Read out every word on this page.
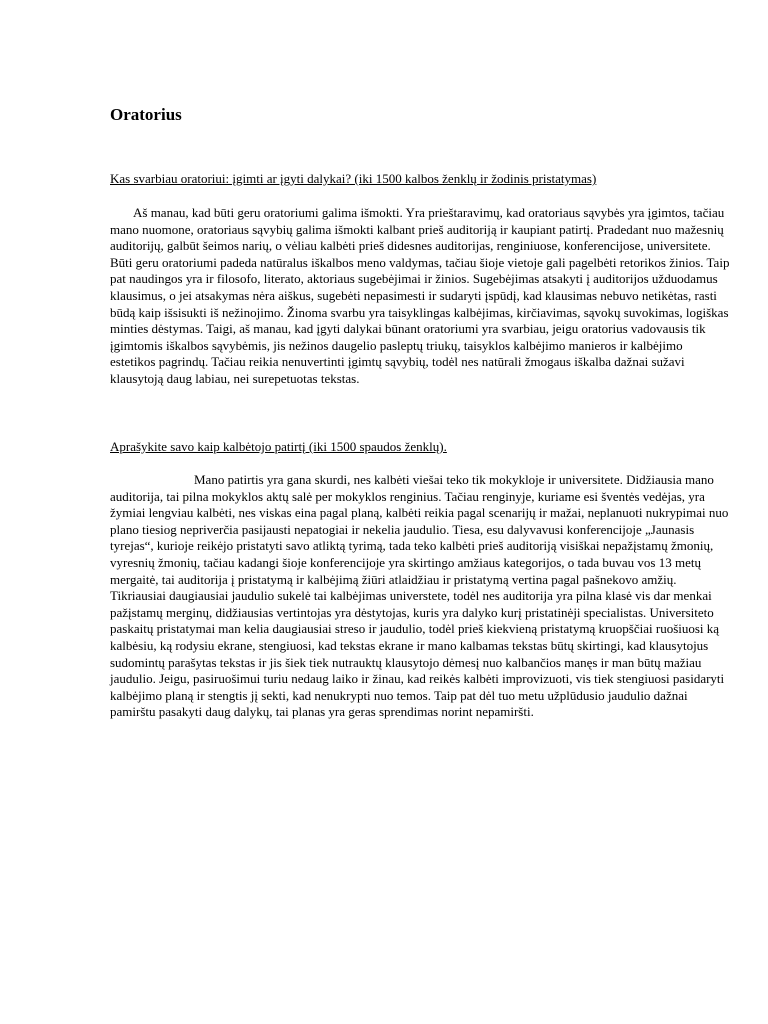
Oratorius

Kas svarbiau oratoriui: įgimti ar įgyti dalykai? (iki 1500 kalbos ženklų ir žodinis pristatymas)

Aš manau, kad būti geru oratoriumi galima išmokti. Yra prieštaravimų, kad oratoriaus sąvybės yra įgimtos, tačiau mano nuomone, oratoriaus sąvybių galima išmokti kalbant prieš auditoriją ir kaupiant patirtį. Pradedant nuo mažesnių auditorijų, galbūt šeimos narių, o vėliau kalbėti prieš didesnes auditorijas, renginiuose, konferencijose, universitete. Būti geru oratoriumi padeda natūralus iškalbos meno valdymas, tačiau šioje vietoje gali pagelbėti retorikos žinios. Taip pat naudingos yra ir filosofo, literato, aktoriaus sugebėjimai ir žinios. Sugebėjimas atsakyti į auditorijos užduodamus klausimus, o jei atsakymas nėra aiškus, sugebėti nepasimesti ir sudaryti įspūdį, kad klausimas nebuvo netikėtas, rasti būdą kaip išsisukti iš nežinojimo. Žinoma svarbu yra taisyklingas kalbėjimas, kirčiavimas, sąvokų suvokimas, logiškas minties dėstymas. Taigi, aš manau, kad įgyti dalykai būnant oratoriumi yra svarbiau, jeigu oratorius vadovausis tik įgimtomis iškalbos sąvybėmis, jis nežinos daugelio pasleptų triukų, taisyklos kalbėjimo manieros ir kalbėjimo estetikos pagrindų. Tačiau reikia nenuvertinti įgimtų sąvybių, todėl nes natūrali žmogaus iškalba dažnai sužavi klausytoją daug labiau, nei surepetuotas tekstas.

Aprašykite savo kaip kalbėtojo patirtį (iki 1500 spaudos ženklų).

Mano patirtis yra gana skurdi, nes kalbėti viešai teko tik mokykloje ir universitete. Didžiausia mano auditorija, tai pilna mokyklos aktų salė per mokyklos renginius. Tačiau renginyje, kuriame esi šventės vedėjas, yra žymiai lengviau kalbėti, nes viskas eina pagal planą, kalbėti reikia pagal scenarijų ir mažai, neplanuoti nukrypimai nuo plano tiesiog nepriverčia pasijausti nepatogiai ir nekelia jaudulio. Tiesa, esu dalyvavusi konferencijoje „Jaunasis tyrejas“, kurioje reikėjo pristatyti savo atliktą tyrimą, tada teko kalbėti prieš auditoriją visiškai nepažįstamų žmonių, vyresnių žmonių, tačiau kadangi šioje konferencijoje yra skirtingo amžiaus kategorijos, o tada buvau vos 13 metų mergaitė, tai auditorija į pristatymą ir kalbėjimą žiūri atlaidžiau ir pristatymą vertina pagal pašnekovo amžių. Tikriausiai daugiausiai jaudulio sukelė tai kalbėjimas universtete, todėl nes auditorija yra pilna klasė vis dar menkai pažįstamų merginų, didžiausias vertintojas yra dėstytojas, kuris yra dalyko kurį pristatinėji specialistas. Universiteto paskaitų pristatymai man kelia daugiausiai streso ir jaudulio, todėl prieš kiekvieną pristatymą kruopščiai ruošiuosi ką kalbėsiu, ką rodysiu ekrane, stengiuosi, kad tekstas ekrane ir mano kalbamas tekstas būtų skirtingi, kad klausytojus sudomintų parašytas tekstas ir jis šiek tiek nutrauktų klausytojo dėmesį nuo kalbančios manęs ir man būtų mažiau jaudulio. Jeigu, pasiruošimui turiu nedaug laiko ir žinau, kad reikės kalbėti improvizuoti, vis tiek stengiuosi pasidaryti kalbėjimo planą ir stengtis jį sekti, kad nenukrypti nuo temos. Taip pat dėl tuo metu užplūdusio jaudulio dažnai pamirštu pasakyti daug dalykų, tai planas yra geras sprendimas norint nepamiršti.
